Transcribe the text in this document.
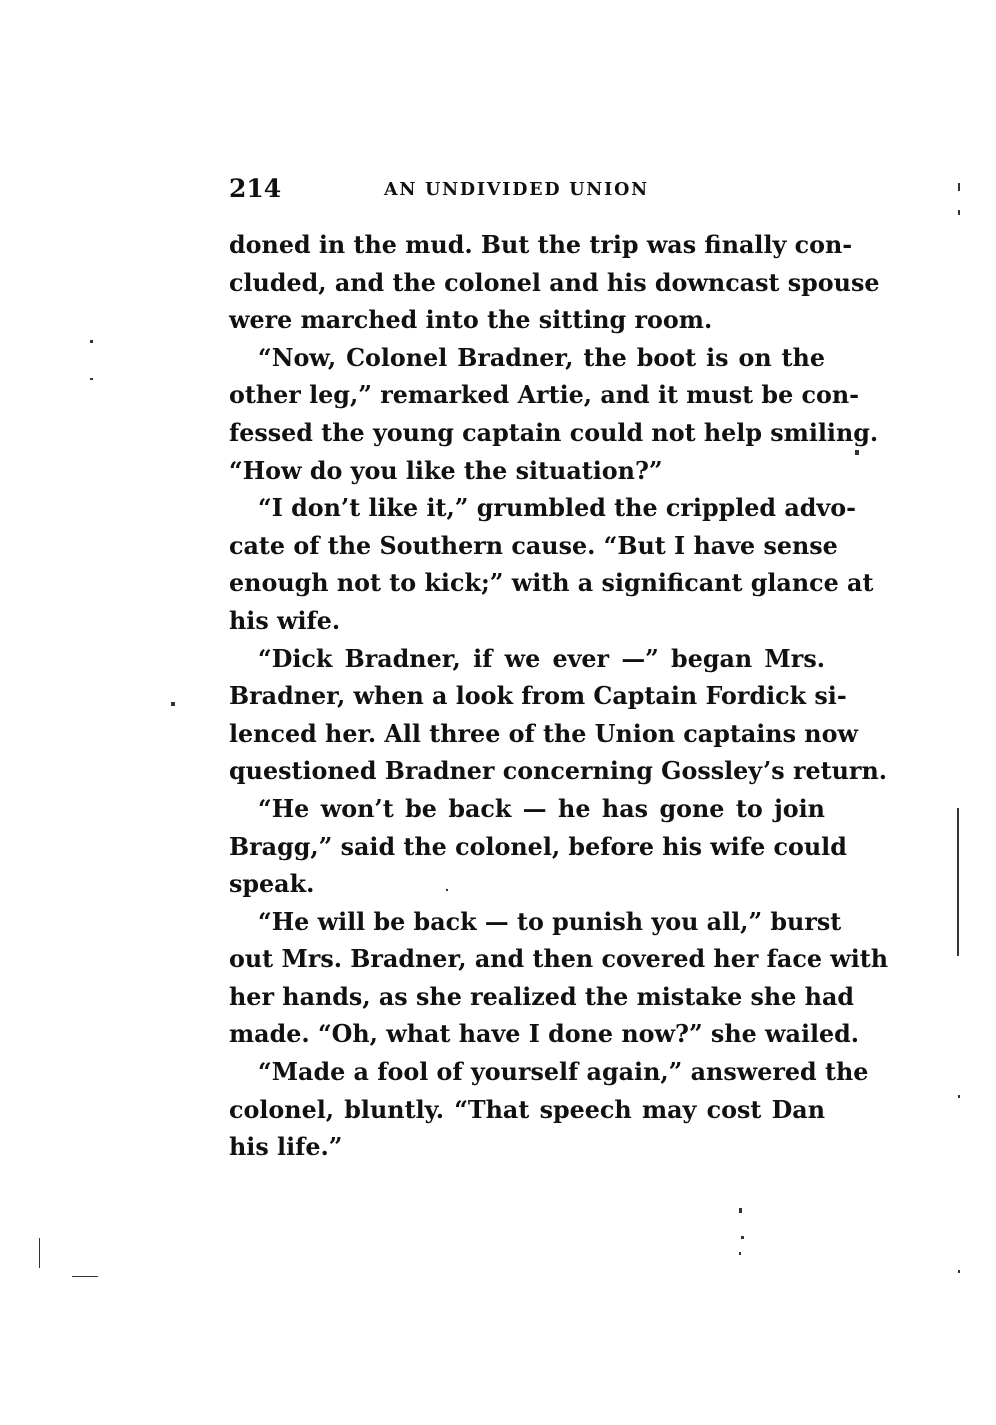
214	AN UNDIVIDED UNION
doned in the mud. But the trip was finally con-
cluded, and the colonel and his downcast spouse
were marched into the sitting room.
“Now, Colonel Bradner, the boot is on the
other leg,” remarked Artie, and it must be con-
fessed the young captain could not help smiling.
“How do you like the situation?”
“I don’t like it,” grumbled the crippled advo-
cate of the Southern cause. “But I have sense
enough not to kick;” with a significant glance at
his wife.
“Dick Bradner, if we ever —” began Mrs.
Bradner, when a look from Captain Fordick si-
lenced her. All three of the Union captains now
questioned Bradner concerning Gossley’s return.
“He won’t be back — he has gone to join
Bragg,” said the colonel, before his wife could
speak.
“He will be back — to punish you all,” burst
out Mrs. Bradner, and then covered her face with
her hands, as she realized the mistake she had
made. “Oh, what have I done now?” she wailed.
“Made a fool of yourself again,” answered the
colonel, bluntly. “That speech may cost Dan
his life.”
